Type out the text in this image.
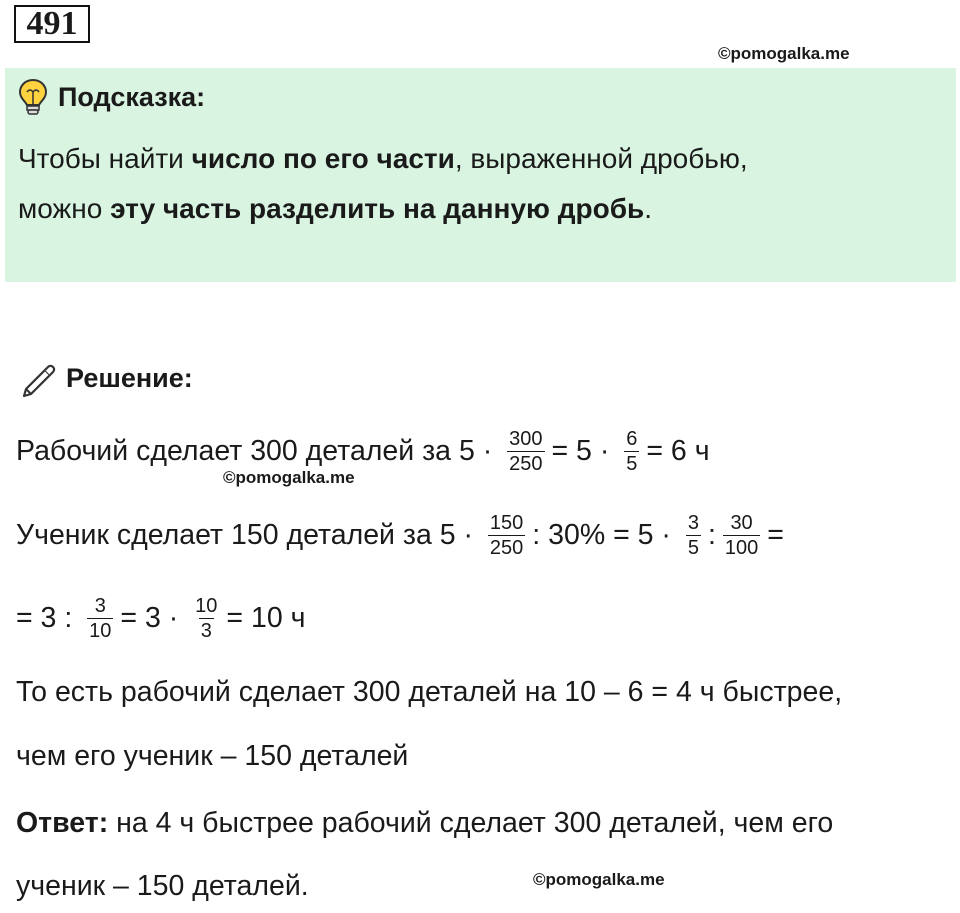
491
©pomogalka.me
Подсказка:
Чтобы найти число по его части, выраженной дробью,
можно эту часть разделить на данную дробь.
Решение:
Рабочий сделает 300 деталей за $5 \cdot \frac{300}{250} = 5 \cdot \frac{6}{5} = 6$ ч
©pomogalka.me
Ученик сделает 150 деталей за $5 \cdot \frac{150}{250}$ : $30\% = 5 \cdot \frac{3}{5}$ : $\frac{30}{100}$ =
= 3 : $\frac{3}{10} = 3 \cdot \frac{10}{3} = 10$ ч
То есть рабочий сделает 300 деталей на 10 – 6 = 4 ч быстрее,
чем его ученик – 150 деталей
Ответ: на 4 ч быстрее рабочий сделает 300 деталей, чем его
ученик – 150 деталей.	©pomogalka.me
